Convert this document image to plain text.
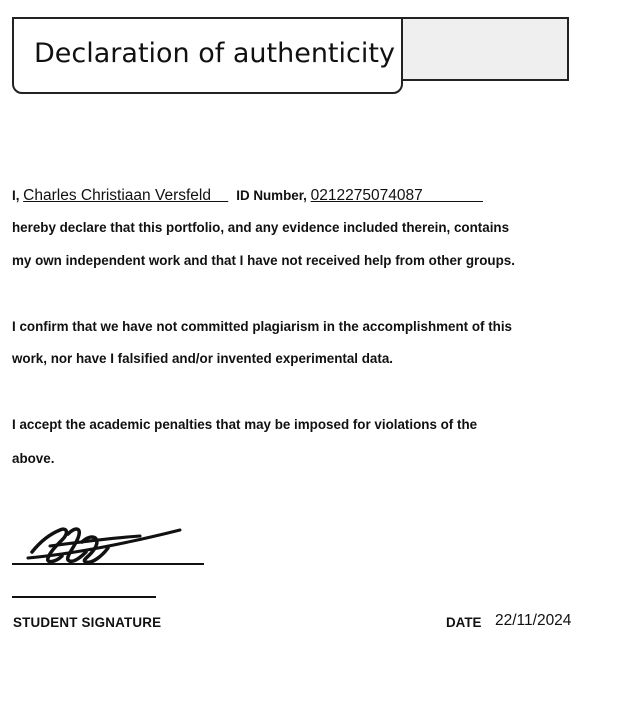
Declaration of authenticity
I, Charles Christiaan Versfeld    ID Number, 0212275074087
hereby declare that this portfolio, and any evidence included therein, contains
my own independent work and that I have not received help from other groups.
I confirm that we have not committed plagiarism in the accomplishment of this
work, nor have I falsified and/or invented experimental data.
I accept the academic penalties that may be imposed for violations of the
above.
STUDENT SIGNATURE	DATE 22/11/2024
